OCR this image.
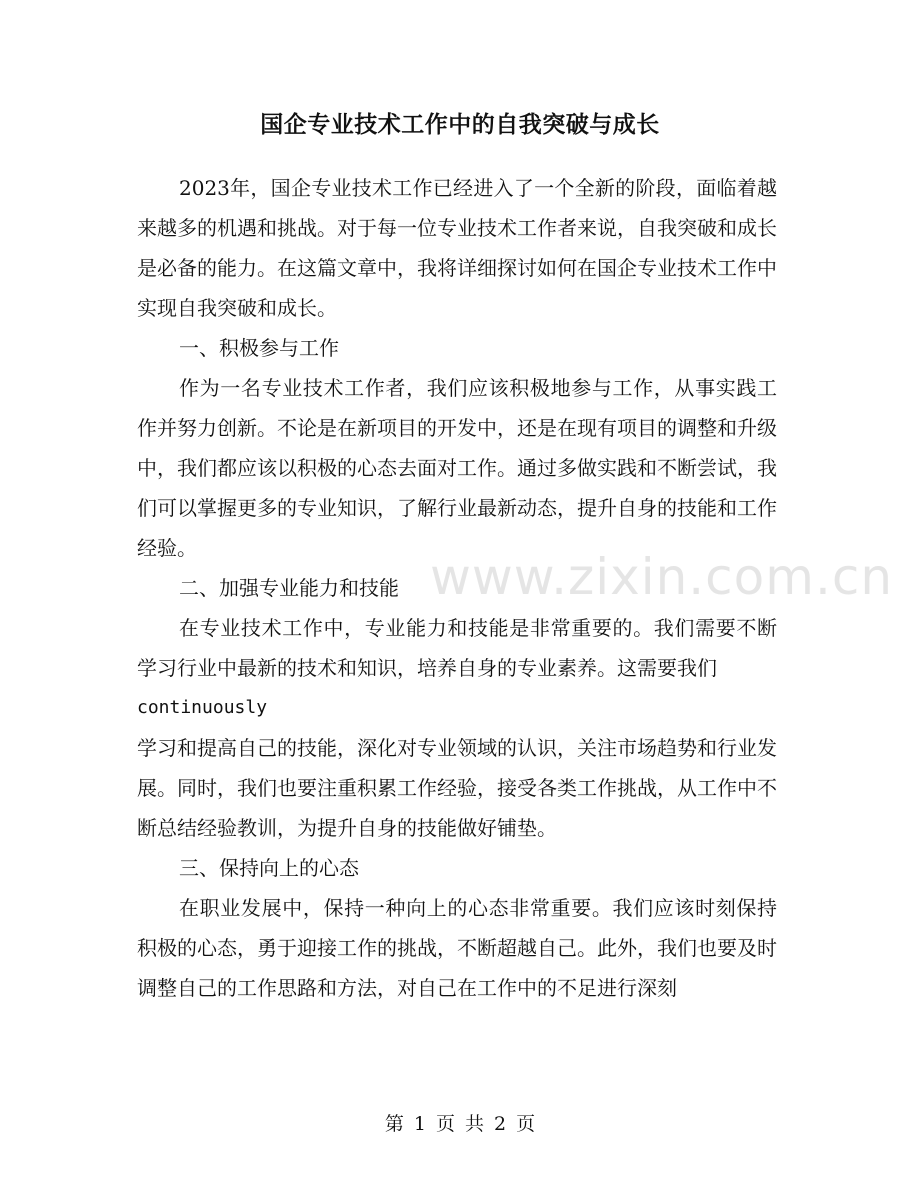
国企专业技术工作中的自我突破与成长

2023年，国企专业技术工作已经进入了一个全新的阶段，面临着越来越多的机遇和挑战。对于每一位专业技术工作者来说，自我突破和成长是必备的能力。在这篇文章中，我将详细探讨如何在国企专业技术工作中实现自我突破和成长。

一、积极参与工作

作为一名专业技术工作者，我们应该积极地参与工作，从事实践工作并努力创新。不论是在新项目的开发中，还是在现有项目的调整和升级中，我们都应该以积极的心态去面对工作。通过多做实践和不断尝试，我们可以掌握更多的专业知识，了解行业最新动态，提升自身的技能和工作经验。

二、加强专业能力和技能

在专业技术工作中，专业能力和技能是非常重要的。我们需要不断学习行业中最新的技术和知识，培养自身的专业素养。这需要我们

continuously

学习和提高自己的技能，深化对专业领域的认识，关注市场趋势和行业发展。同时，我们也要注重积累工作经验，接受各类工作挑战，从工作中不断总结经验教训，为提升自身的技能做好铺垫。

三、保持向上的心态

在职业发展中，保持一种向上的心态非常重要。我们应该时刻保持积极的心态，勇于迎接工作的挑战，不断超越自己。此外，我们也要及时调整自己的工作思路和方法，对自己在工作中的不足进行深刻

www.zixin.com.cn
第 1 页 共 2 页
